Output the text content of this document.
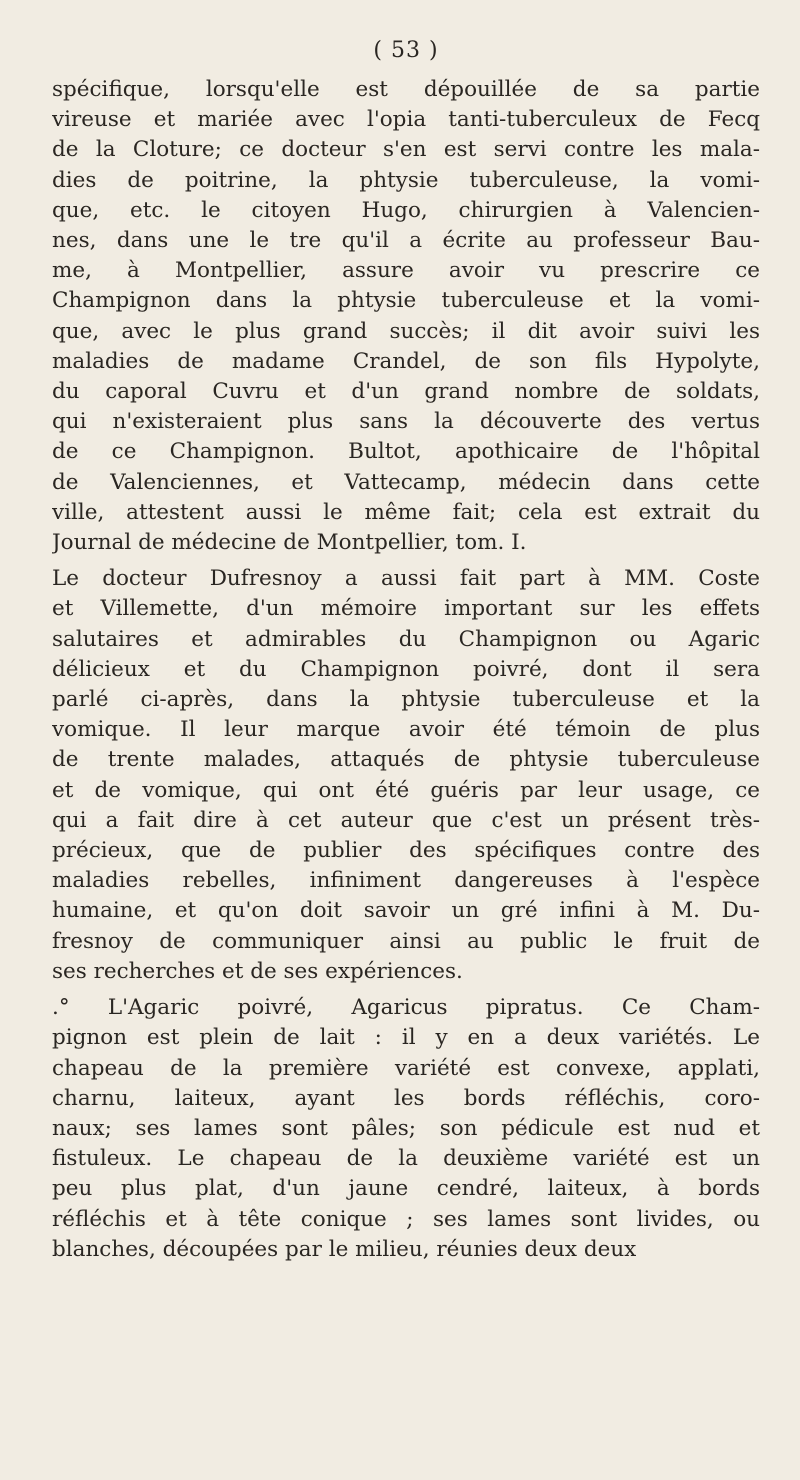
( 53 )
spécifique, lorsqu'elle est dépouillée de sa partie
vireuse et mariée avec l'opia tanti-tuberculeux de Fecq
de la Cloture; ce docteur s'en est servi contre les mala-
dies de poitrine, la phtysie tuberculeuse, la vomi-
que, etc. le citoyen Hugo, chirurgien à Valencien-
nes, dans une le tre qu'il a écrite au professeur Bau-
me, à Montpellier, assure avoir vu prescrire ce
Champignon dans la phtysie tuberculeuse et la vomi-
que, avec le plus grand succès; il dit avoir suivi les
maladies de madame Crandel, de son fils Hypolyte,
du caporal Cuvru et d'un grand nombre de soldats,
qui n'existeraient plus sans la découverte des vertus
de ce Champignon. Bultot, apothicaire de l'hôpital
de Valenciennes, et Vattecamp, médecin dans cette
ville, attestent aussi le même fait; cela est extrait du
Journal de médecine de Montpellier, tom. I.
Le docteur Dufresnoy a aussi fait part à MM. Coste
et Villemette, d'un mémoire important sur les effets
salutaires et admirables du Champignon ou Agaric
délicieux et du Champignon poivré, dont il sera
parlé ci-après, dans la phtysie tuberculeuse et la
vomique. Il leur marque avoir été témoin de plus
de trente malades, attaqués de phtysie tuberculeuse
et de vomique, qui ont été guéris par leur usage, ce
qui a fait dire à cet auteur que c'est un présent très-
précieux, que de publier des spécifiques contre des
maladies rebelles, infiniment dangereuses à l'espèce
humaine, et qu'on doit savoir un gré infini à M. Du-
fresnoy de communiquer ainsi au public le fruit de
ses recherches et de ses expériences.
.° L'Agaric poivré, Agaricus pipratus. Ce Cham-
pignon est plein de lait : il y en a deux variétés. Le
chapeau de la première variété est convexe, applati,
charnu, laiteux, ayant les bords réfléchis, coro-
naux; ses lames sont pâles; son pédicule est nud et
fistuleux. Le chapeau de la deuxième variété est un
peu plus plat, d'un jaune cendré, laiteux, à bords
réfléchis et à tête conique ; ses lames sont livides, ou
blanches, découpées par le milieu, réunies deux deux
